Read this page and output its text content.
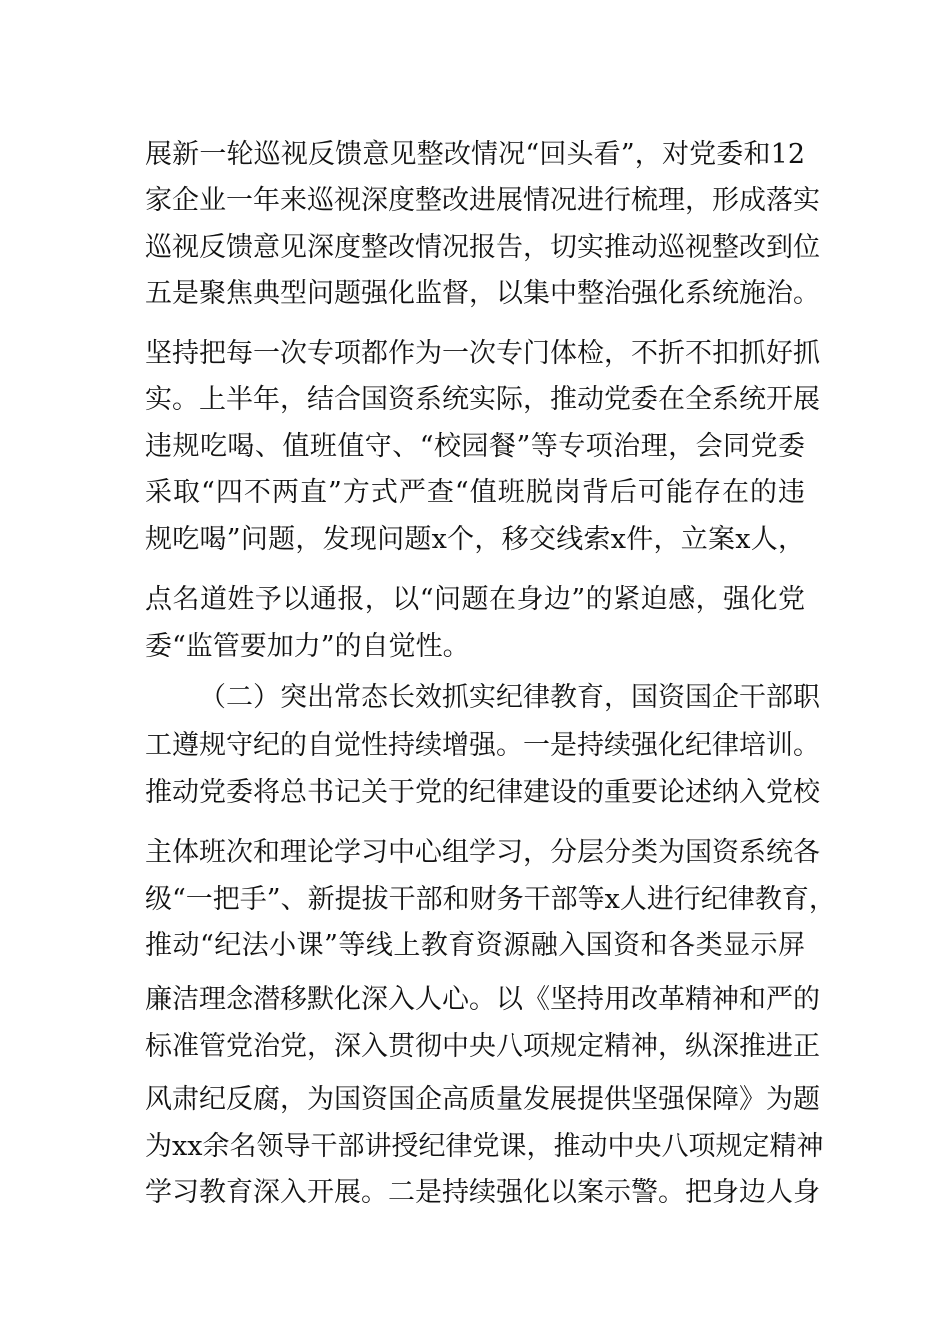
展新一轮巡视反馈意见整改情况“回头看”，对党委和12
家企业一年来巡视深度整改进展情况进行梳理，形成落实
巡视反馈意见深度整改情况报告，切实推动巡视整改到位
五是聚焦典型问题强化监督，以集中整治强化系统施治。
坚持把每一次专项都作为一次专门体检，不折不扣抓好抓
实。上半年，结合国资系统实际，推动党委在全系统开展
违规吃喝、值班值守、“校园餐”等专项治理，会同党委
采取“四不两直”方式严查“值班脱岗背后可能存在的违
规吃喝”问题，发现问题x个，移交线索x件，立案x人，
点名道姓予以通报，以“问题在身边”的紧迫感，强化党
委“监管要加力”的自觉性。
（二）突出常态长效抓实纪律教育，国资国企干部职
工遵规守纪的自觉性持续增强。一是持续强化纪律培训。
推动党委将总书记关于党的纪律建设的重要论述纳入党校
主体班次和理论学习中心组学习，分层分类为国资系统各
级“一把手”、新提拔干部和财务干部等x人进行纪律教育，
推动“纪法小课”等线上教育资源融入国资和各类显示屏
廉洁理念潜移默化深入人心。以《坚持用改革精神和严的
标准管党治党，深入贯彻中央八项规定精神，纵深推进正
风肃纪反腐，为国资国企高质量发展提供坚强保障》为题
为xx余名领导干部讲授纪律党课，推动中央八项规定精神
学习教育深入开展。二是持续强化以案示警。把身边人身
